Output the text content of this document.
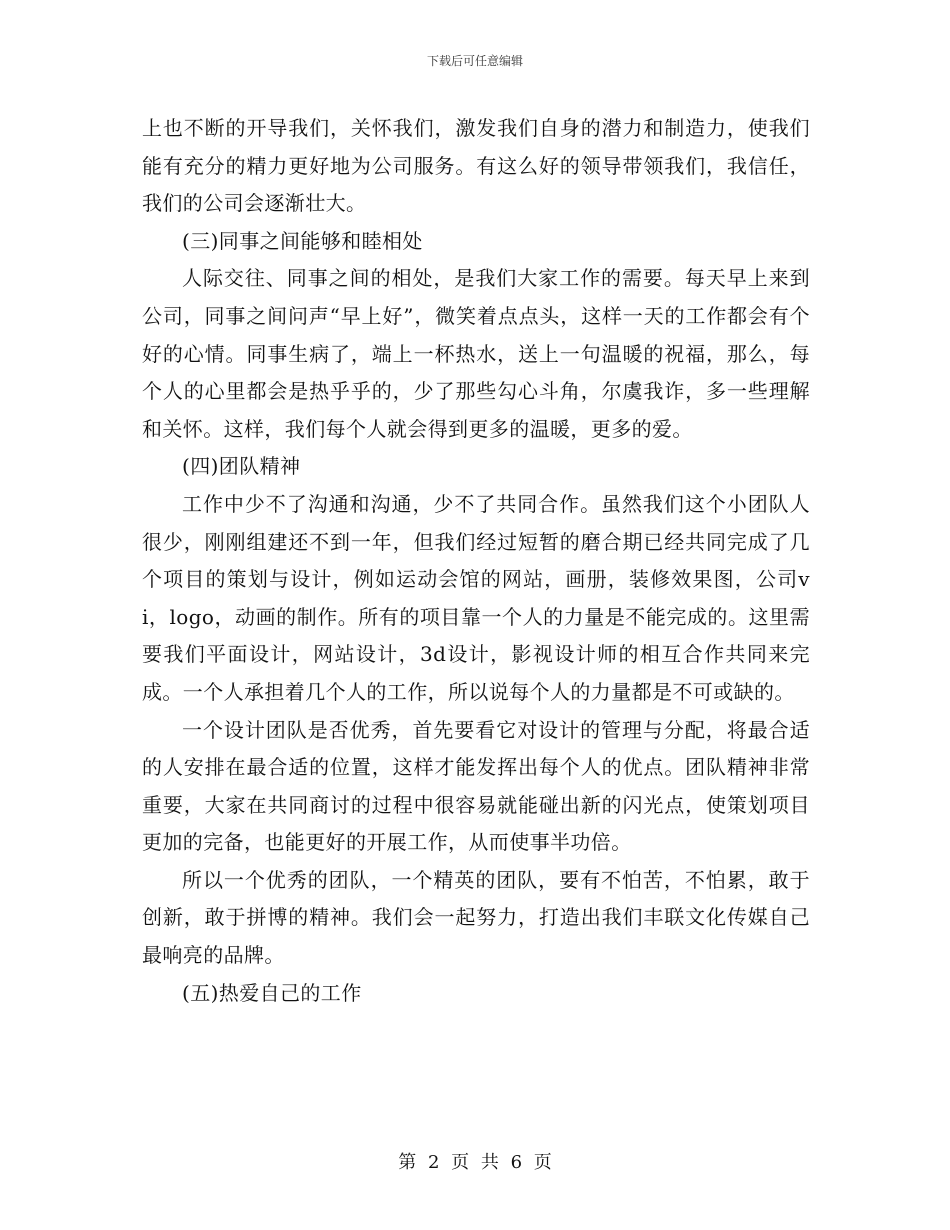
下载后可任意编辑

上也不断的开导我们，关怀我们，激发我们自身的潜力和制造力，使我们能有充分的精力更好地为公司服务。有这么好的领导带领我们，我信任，我们的公司会逐渐壮大。

(三)同事之间能够和睦相处

人际交往、同事之间的相处，是我们大家工作的需要。每天早上来到公司，同事之间问声“早上好”，微笑着点点头，这样一天的工作都会有个好的心情。同事生病了，端上一杯热水，送上一句温暖的祝福，那么，每个人的心里都会是热乎乎的，少了那些勾心斗角，尔虞我诈，多一些理解和关怀。这样，我们每个人就会得到更多的温暖，更多的爱。

(四)团队精神

工作中少不了沟通和沟通，少不了共同合作。虽然我们这个小团队人很少，刚刚组建还不到一年，但我们经过短暂的磨合期已经共同完成了几个项目的策划与设计，例如运动会馆的网站，画册，装修效果图，公司vi，logo，动画的制作。所有的项目靠一个人的力量是不能完成的。这里需要我们平面设计，网站设计，3d设计，影视设计师的相互合作共同来完成。一个人承担着几个人的工作，所以说每个人的力量都是不可或缺的。

一个设计团队是否优秀，首先要看它对设计的管理与分配，将最合适的人安排在最合适的位置，这样才能发挥出每个人的优点。团队精神非常重要，大家在共同商讨的过程中很容易就能碰出新的闪光点，使策划项目更加的完备，也能更好的开展工作，从而使事半功倍。

所以一个优秀的团队，一个精英的团队，要有不怕苦，不怕累，敢于创新，敢于拼博的精神。我们会一起努力，打造出我们丰联文化传媒自己最响亮的品牌。

(五)热爱自己的工作

第 2 页 共 6 页
